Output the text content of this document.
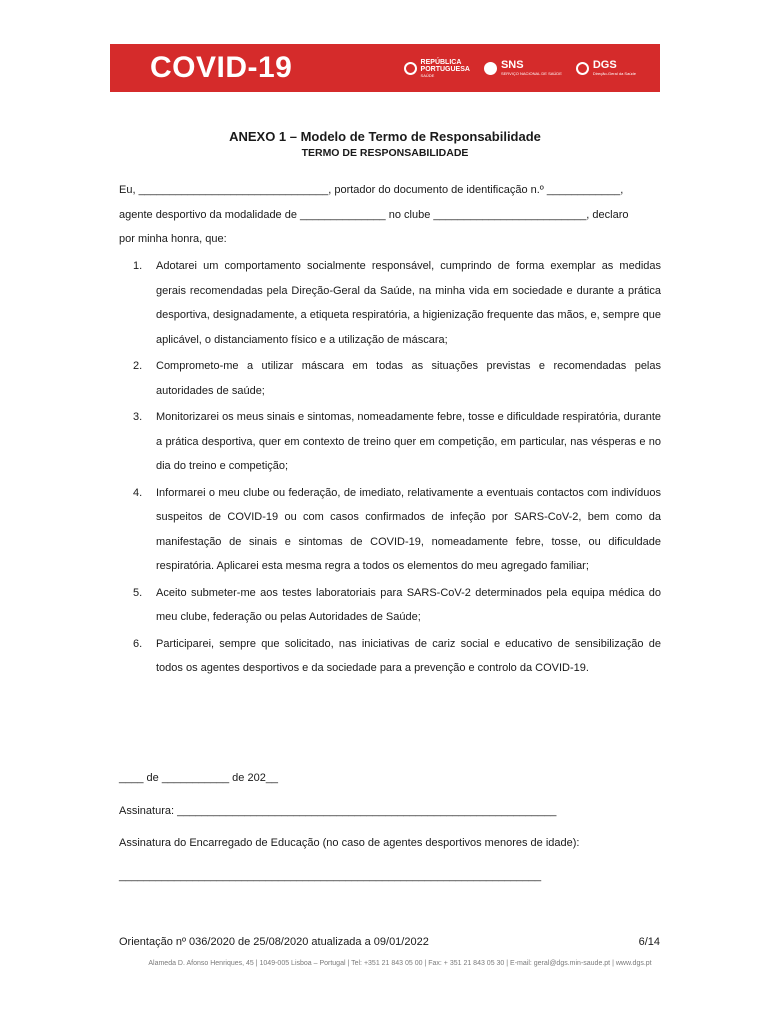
COVID-19	REPÚBLICA
PORTUGUESA
SAÚDE
SNS
SERVIÇO NACIONAL DE SAÚDE
DGS
Direção-Geral da Saúde
ANEXO 1 – Modelo de Termo de Responsabilidade
TERMO DE RESPONSABILIDADE
Eu, _______________________________, portador do documento de identificação n.º ____________,
agente desportivo da modalidade de ______________ no clube _________________________, declaro
por minha honra, que:
1. Adotarei um comportamento socialmente responsável, cumprindo de forma exemplar as medidas gerais recomendadas pela Direção-Geral da Saúde, na minha vida em sociedade e durante a prática desportiva, designadamente, a etiqueta respiratória, a higienização frequente das mãos, e, sempre que aplicável, o distanciamento físico e a utilização de máscara;
2. Comprometo-me a utilizar máscara em todas as situações previstas e recomendadas pelas autoridades de saúde;
3. Monitorizarei os meus sinais e sintomas, nomeadamente febre, tosse e dificuldade respiratória, durante a prática desportiva, quer em contexto de treino quer em competição, em particular, nas vésperas e no dia do treino e competição;
4. Informarei o meu clube ou federação, de imediato, relativamente a eventuais contactos com indivíduos suspeitos de COVID-19 ou com casos confirmados de infeção por SARS-CoV-2, bem como da manifestação de sinais e sintomas de COVID-19, nomeadamente febre, tosse, ou dificuldade respiratória. Aplicarei esta mesma regra a todos os elementos do meu agregado familiar;
5. Aceito submeter-me aos testes laboratoriais para SARS-CoV-2 determinados pela equipa médica do meu clube, federação ou pelas Autoridades de Saúde;
6. Participarei, sempre que solicitado, nas iniciativas de cariz social e educativo de sensibilização de todos os agentes desportivos e da sociedade para a prevenção e controlo da COVID-19.
____ de ___________ de 202__
Assinatura: ______________________________________________________________
Assinatura do Encarregado de Educação (no caso de agentes desportivos menores de idade):
_____________________________________________________________________
Orientação nº 036/2020 de 25/08/2020 atualizada a 09/01/2022	6/14
Alameda D. Afonso Henriques, 45 | 1049-005 Lisboa – Portugal | Tel: +351 21 843 05 00 | Fax: + 351 21 843 05 30 | E-mail: geral@dgs.min-saude.pt | www.dgs.pt
